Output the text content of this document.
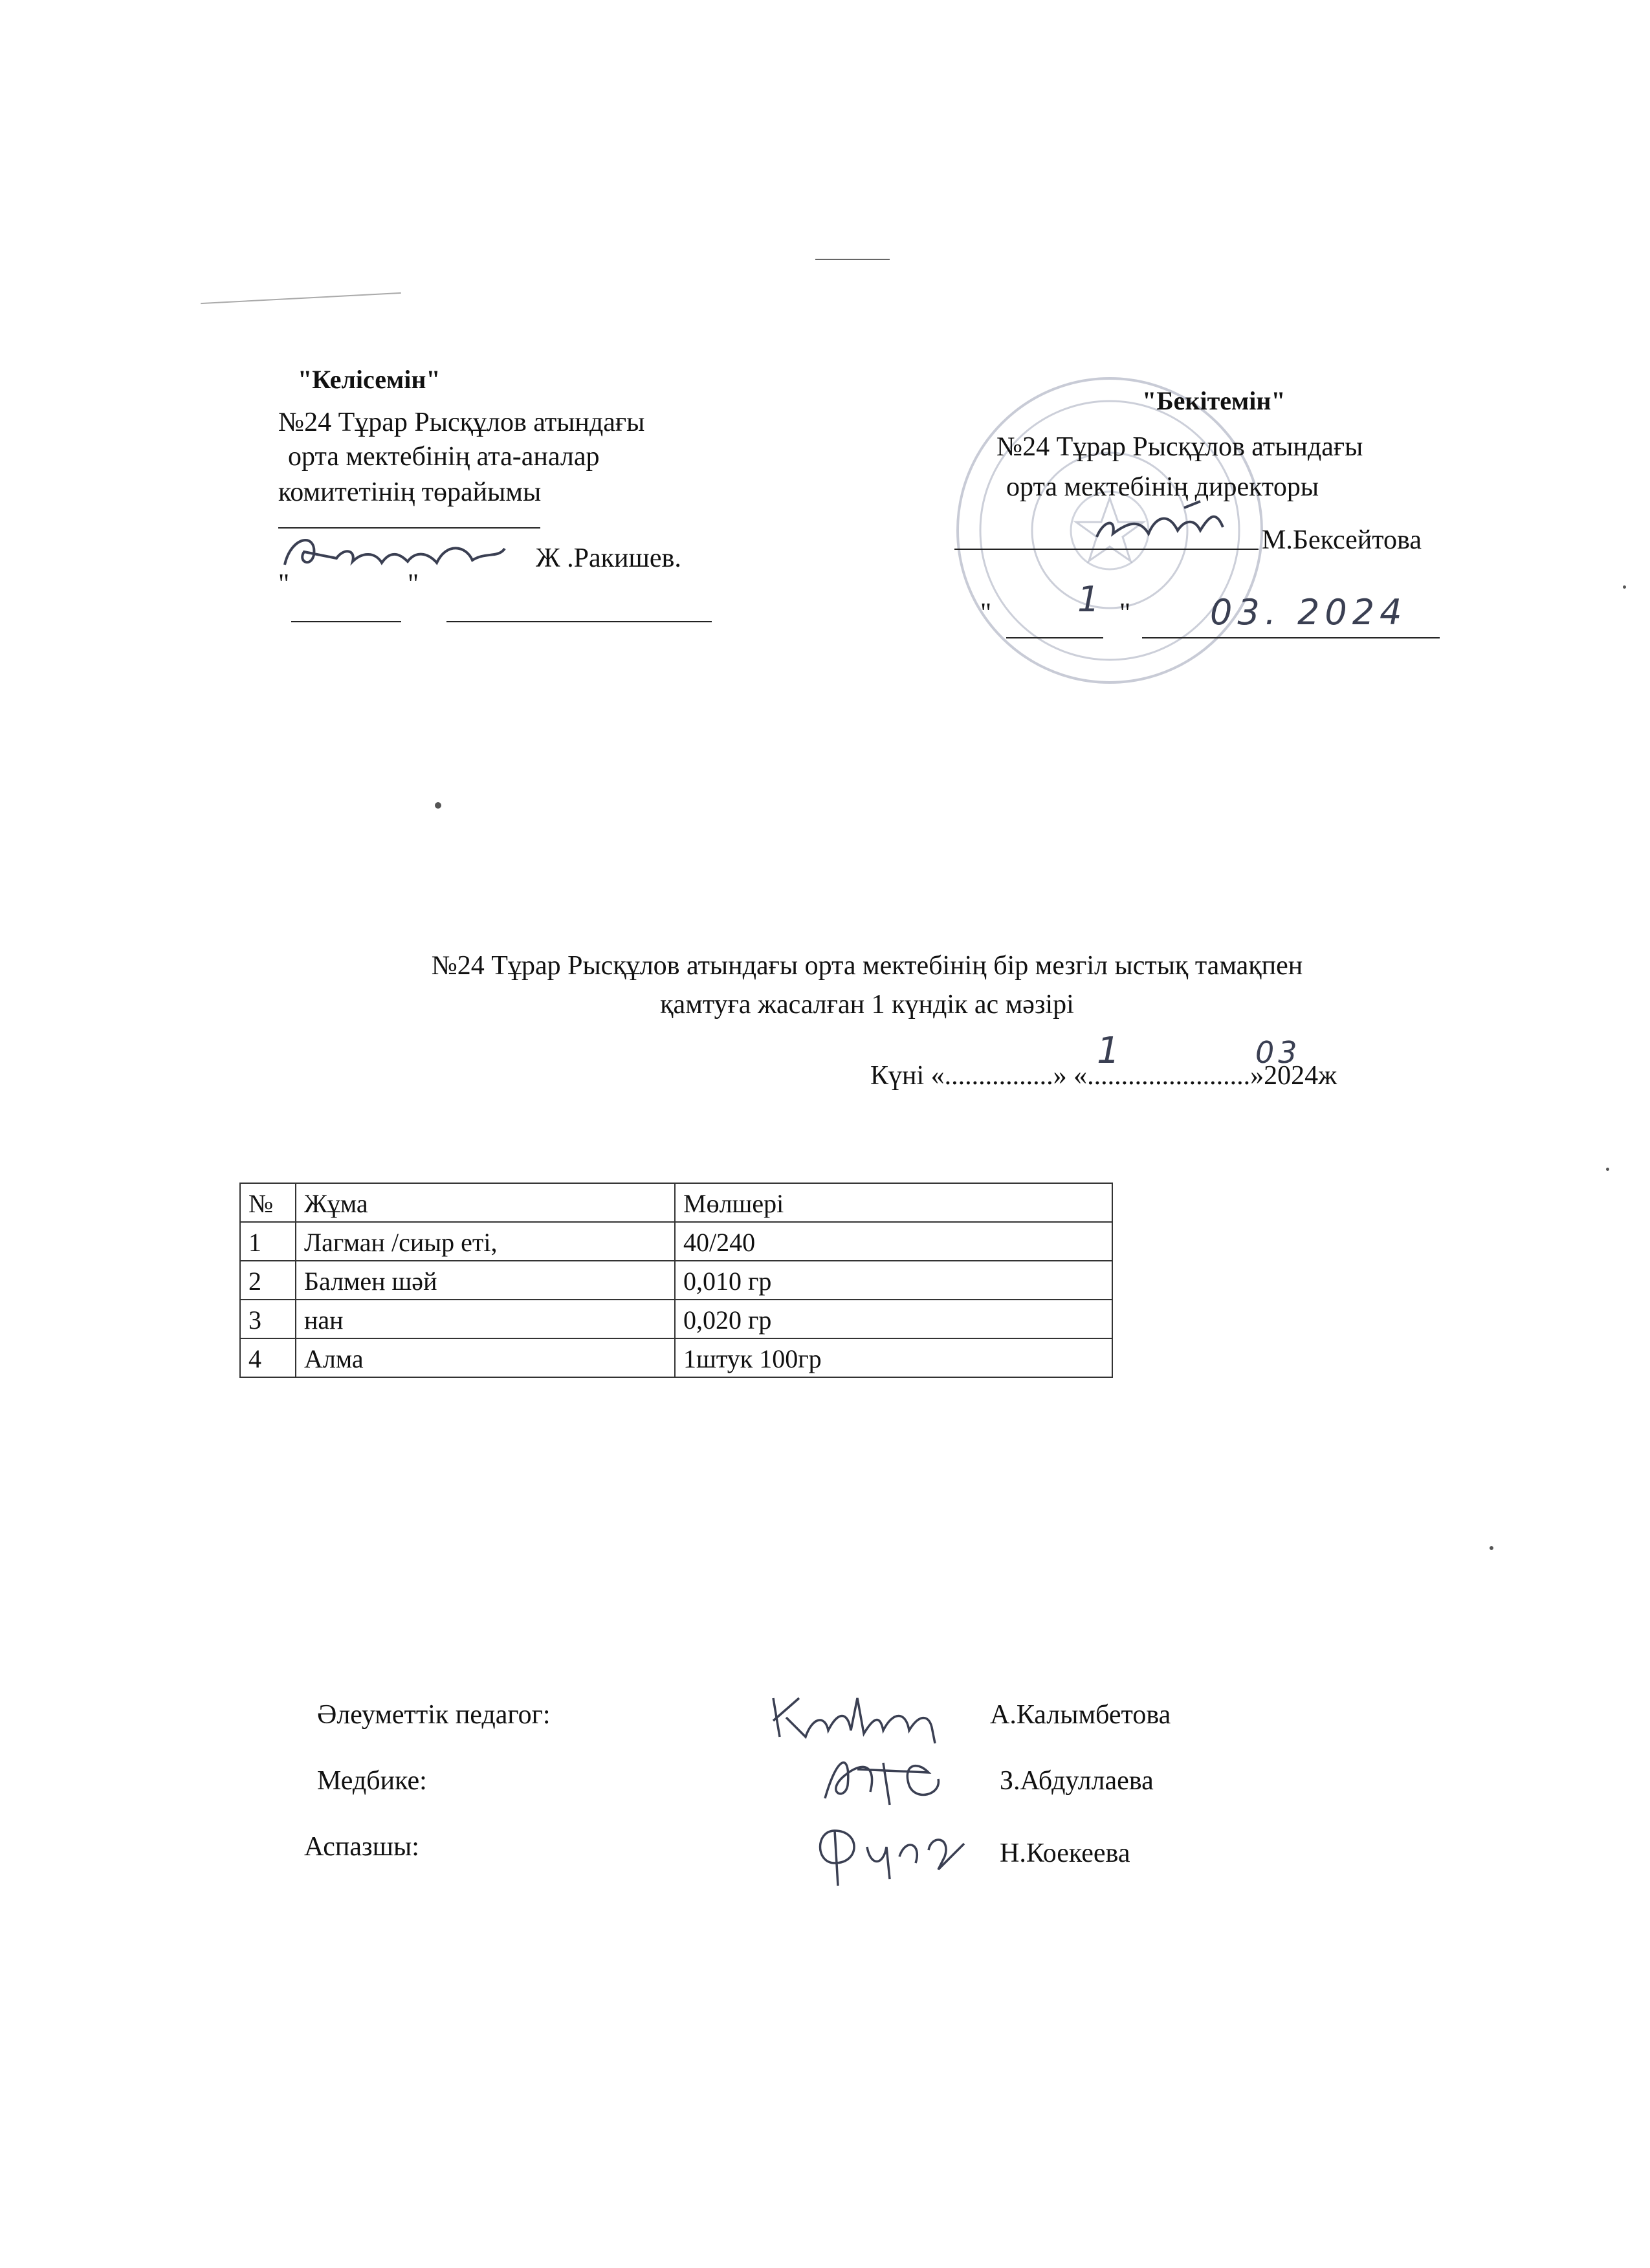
"Келісемін"
№24 Тұрар Рысқұлов атындағы
орта мектебінің ата-аналар
комитетінің төрайымы
Ж .Ракишев.
"	"
"Бекітемін"
№24 Тұрар Рысқұлов атындағы
орта мектебінің директоры
М.Бексейтова
" 1 " 03. 2024
№24 Тұрар Рысқұлов атындағы орта мектебінің бір мезгіл ыстық тамақпен
қамтуға жасалған 1 күндік ас мәзірі
Күні «................» «........................»2024ж
1	03
№	Жұма	Мөлшері
1	Лагман /сиыр еті,	40/240
2	Балмен шәй	0,010 гр
3	нан	0,020 гр
4	Алма	1штук 100гр
Әлеуметтік педагог:	А.Калымбетова
Медбике:	З.Абдуллаева
Аспазшы:	Н.Коекеева
